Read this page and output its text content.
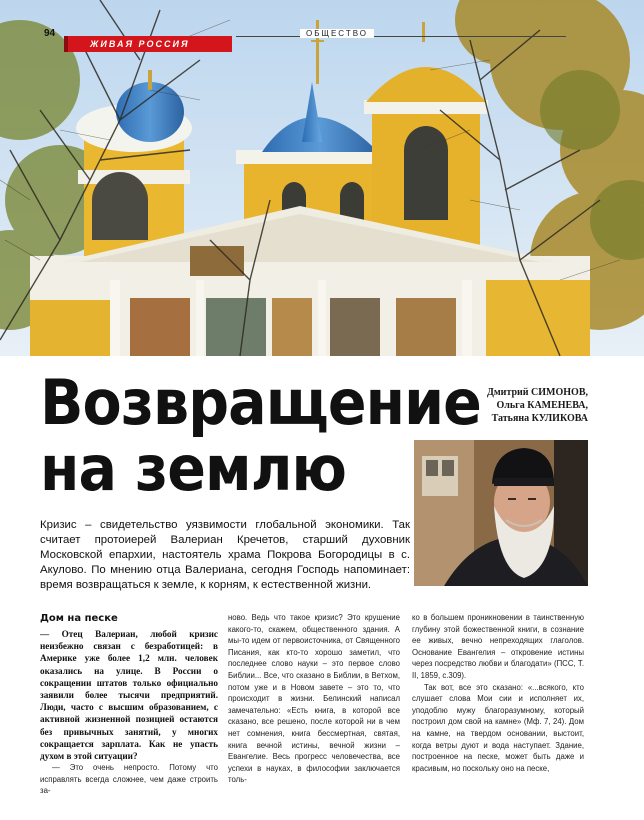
94
ЖИВАЯ РОССИЯ
ОБЩЕСТВО
Возвращение
на землю
Дмитрий СИМОНОВ,
Ольга КАМЕНЕВА,
Татьяна КУЛИКОВА
Кризис – свидетельство уязвимости глобальной экономики. Так считает протоиерей Валериан Кречетов, старший духовник Московской епархии, настоятель храма Покрова Богородицы в с. Акулово. По мнению отца Валериана, сегодня Господь напоминает: время возвращаться к земле, к корням, к естественной жизни.
Дом на песке

— Отец Валериан, любой кризис неизбежно связан с безработицей: в Америке уже более 1,2 млн. человек оказались на улице. В России о сокращении штатов только официально заявили более тысячи предприятий. Люди, часто с высшим образованием, с активной жизненной позицией остаются без привычных занятий, у многих сокращается зарплата. Как не упасть духом в этой ситуации?

— Это очень непросто. Потому что исправлять всегда сложнее, чем даже строить за-

ново. Ведь что такое кризис? Это крушение какого-то, скажем, общественного здания. А мы-то идем от первоисточника, от Священного Писания, как кто-то хорошо заметил, что последнее слово науки – это первое слово Библии... Все, что сказано в Библии, в Ветхом, потом уже и в Новом завете – это то, что происходит в жизни. Белинский написал замечательно: «Есть книга, в которой все сказано, все решено, после которой ни в чем нет сомнения, книга бессмертная, святая, книга вечной истины, вечной жизни – Евангелие. Весь прогресс человечества, все успехи в науках, в философии заключается толь-

ко в большем проникновении в таинственную глубину этой божественной книги, в сознание ее живых, вечно непреходящих глаголов. Основание Евангелия – откровение истины через посредство любви и благодати» (ПСС, Т. II, 1859, с.309).

Так вот, все это сказано: «...всякого, кто слушает слова Мои сии и исполняет их, уподоблю мужу благоразумному, который построил дом свой на камне» (Мф. 7, 24). Дом на камне, на твердом основании, выстоит, когда ветры дуют и вода наступает. Здание, построенное на песке, может быть даже и красивым, но поскольку оно на песке,
